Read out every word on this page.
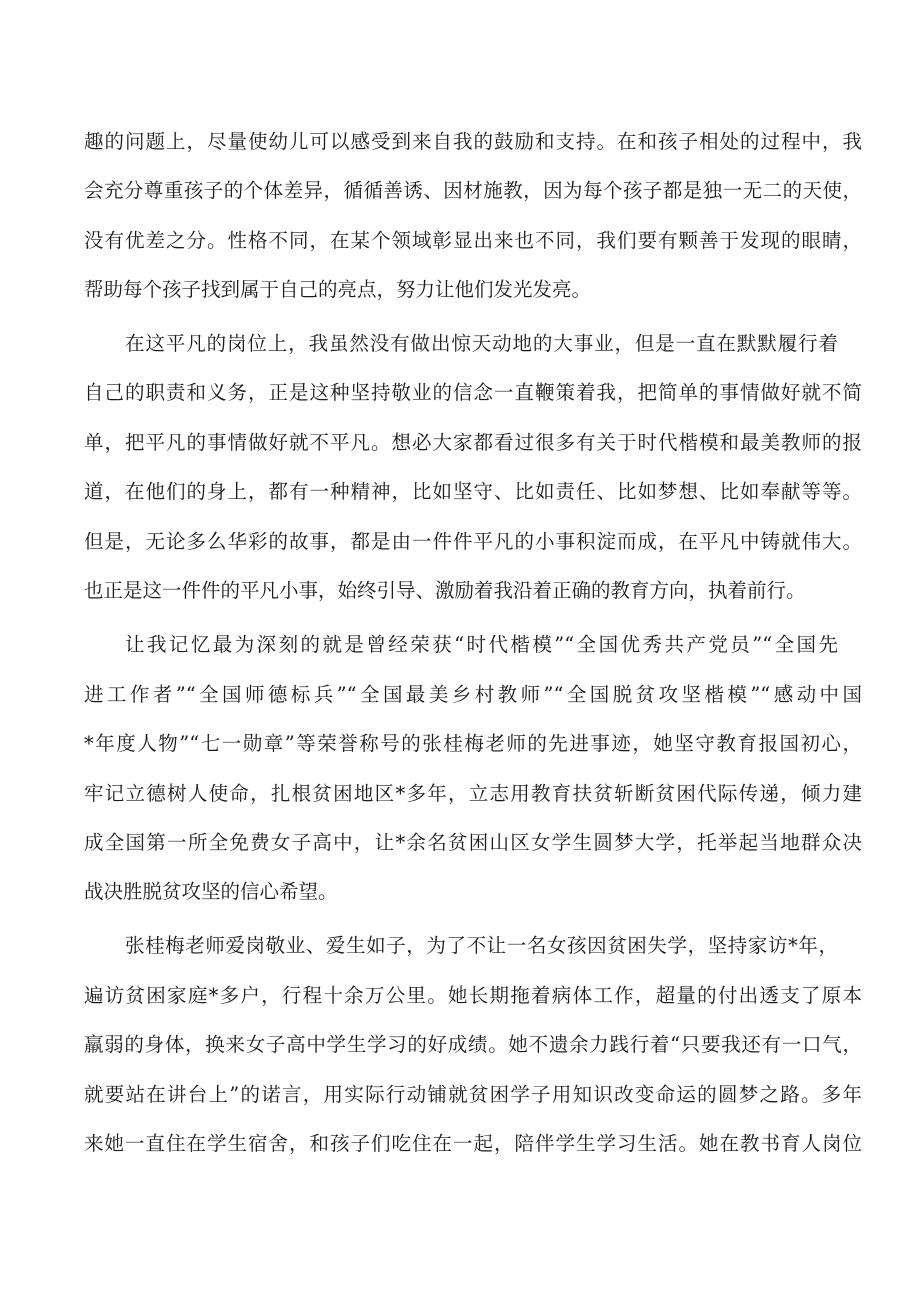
趣的问题上，尽量使幼儿可以感受到来自我的鼓励和支持。在和孩子相处的过程中，我
会充分尊重孩子的个体差异，循循善诱、因材施教，因为每个孩子都是独一无二的天使，
没有优差之分。性格不同，在某个领域彰显出来也不同，我们要有颗善于发现的眼睛，
帮助每个孩子找到属于自己的亮点，努力让他们发光发亮。
在这平凡的岗位上，我虽然没有做出惊天动地的大事业，但是一直在默默履行着
自己的职责和义务，正是这种坚持敬业的信念一直鞭策着我，把简单的事情做好就不简
单，把平凡的事情做好就不平凡。想必大家都看过很多有关于时代楷模和最美教师的报
道，在他们的身上，都有一种精神，比如坚守、比如责任、比如梦想、比如奉献等等。
但是，无论多么华彩的故事，都是由一件件平凡的小事积淀而成，在平凡中铸就伟大。
也正是这一件件的平凡小事，始终引导、激励着我沿着正确的教育方向，执着前行。
让我记忆最为深刻的就是曾经荣获“时代楷模”“全国优秀共产党员”“全国先
进工作者”“全国师德标兵”“全国最美乡村教师”“全国脱贫攻坚楷模”“感动中国
*年度人物”“七一勋章”等荣誉称号的张桂梅老师的先进事迹，她坚守教育报国初心，
牢记立德树人使命，扎根贫困地区*多年，立志用教育扶贫斩断贫困代际传递，倾力建
成全国第一所全免费女子高中，让*余名贫困山区女学生圆梦大学，托举起当地群众决
战决胜脱贫攻坚的信心希望。
张桂梅老师爱岗敬业、爱生如子，为了不让一名女孩因贫困失学，坚持家访*年，
遍访贫困家庭*多户，行程十余万公里。她长期拖着病体工作，超量的付出透支了原本
羸弱的身体，换来女子高中学生学习的好成绩。她不遗余力践行着“只要我还有一口气，
就要站在讲台上”的诺言，用实际行动铺就贫困学子用知识改变命运的圆梦之路。多年
来她一直住在学生宿舍，和孩子们吃住在一起，陪伴学生学习生活。她在教书育人岗位
